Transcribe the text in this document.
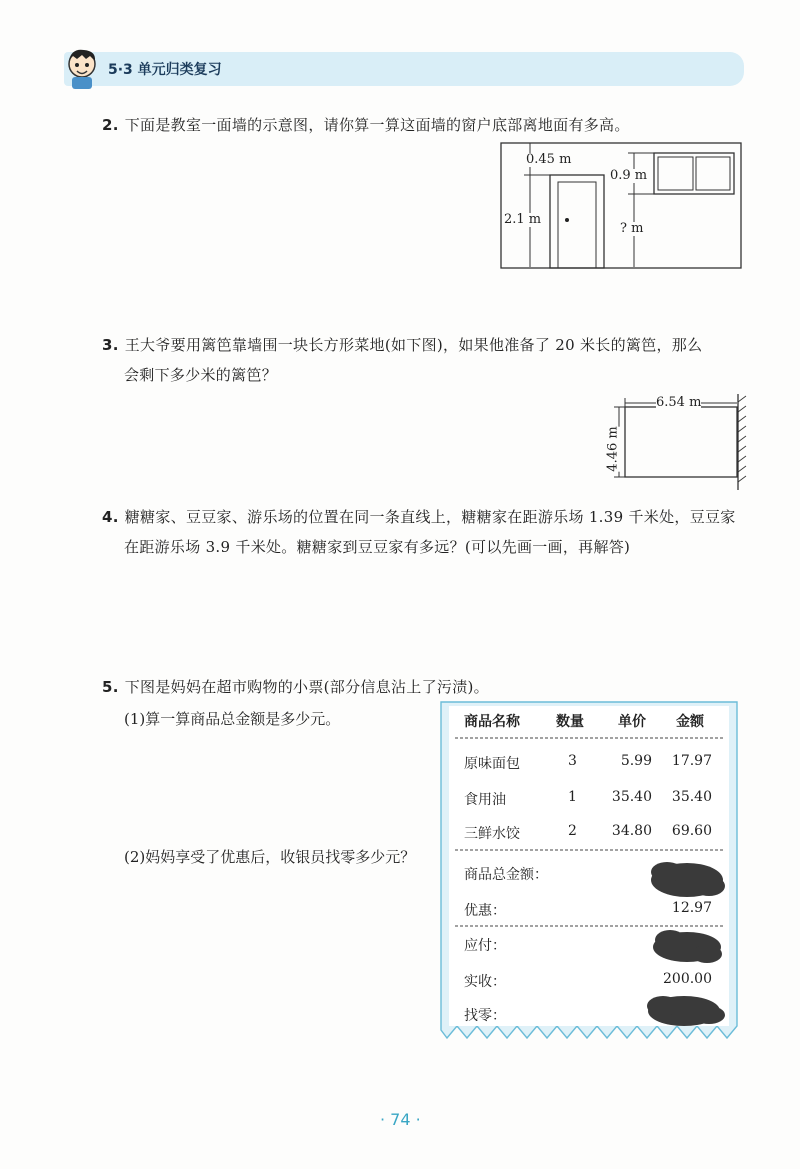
5·3 单元归类复习
2. 下面是教室一面墙的示意图，请你算一算这面墙的窗户底部离地面有多高。
0.45 m
2.1 m
0.9 m
? m
3. 王大爷要用篱笆靠墙围一块长方形菜地(如下图)，如果他准备了 20 米长的篱笆，那么
会剩下多少米的篱笆？
6.54 m
4.46 m
4. 糖糖家、豆豆家、游乐场的位置在同一条直线上，糖糖家在距游乐场 1.39 千米处，豆豆家
在距游乐场 3.9 千米处。糖糖家到豆豆家有多远？(可以先画一画，再解答)
5. 下图是妈妈在超市购物的小票(部分信息沾上了污渍)。
(1)算一算商品总金额是多少元。
(2)妈妈享受了优惠后，收银员找零多少元？
商品名称	数量 单价 金额
原味面包	3	5.99	17.97
食用油	1	35.40	35.40
三鲜水饺	2	34.80	69.60
商品总金额：
优惠：	12.97
应付：
实收：	200.00
找零：
· 74 ·
